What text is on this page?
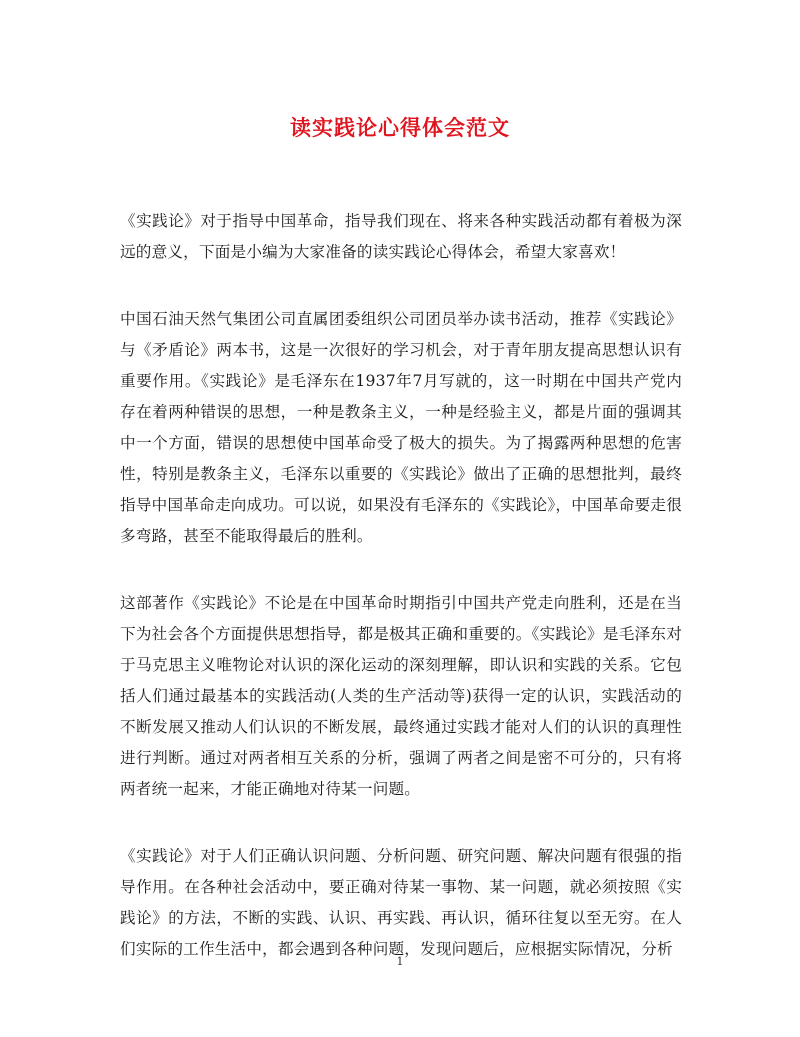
读实践论心得体会范文

《实践论》对于指导中国革命，指导我们现在、将来各种实践活动都有着极为深远的意义，下面是小编为大家准备的读实践论心得体会，希望大家喜欢！

中国石油天然气集团公司直属团委组织公司团员举办读书活动，推荐《实践论》与《矛盾论》两本书，这是一次很好的学习机会，对于青年朋友提高思想认识有重要作用。《实践论》是毛泽东在1937年7月写就的，这一时期在中国共产党内存在着两种错误的思想，一种是教条主义，一种是经验主义，都是片面的强调其中一个方面，错误的思想使中国革命受了极大的损失。为了揭露两种思想的危害性，特别是教条主义，毛泽东以重要的《实践论》做出了正确的思想批判，最终指导中国革命走向成功。可以说，如果没有毛泽东的《实践论》，中国革命要走很多弯路，甚至不能取得最后的胜利。

这部著作《实践论》不论是在中国革命时期指引中国共产党走向胜利，还是在当下为社会各个方面提供思想指导，都是极其正确和重要的。《实践论》是毛泽东对于马克思主义唯物论对认识的深化运动的深刻理解，即认识和实践的关系。它包括人们通过最基本的实践活动(人类的生产活动等)获得一定的认识，实践活动的不断发展又推动人们认识的不断发展，最终通过实践才能对人们的认识的真理性进行判断。通过对两者相互关系的分析，强调了两者之间是密不可分的，只有将两者统一起来，才能正确地对待某一问题。

《实践论》对于人们正确认识问题、分析问题、研究问题、解决问题有很强的指导作用。在各种社会活动中，要正确对待某一事物、某一问题，就必须按照《实践论》的方法，不断的实践、认识、再实践、再认识，循环往复以至无穷。在人们实际的工作生活中，都会遇到各种问题，发现问题后，应根据实际情况，分析

1
